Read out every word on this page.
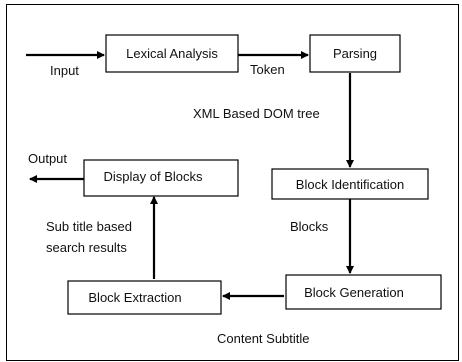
Lexical Analysis	Parsing
Block Identification
Block Generation
Block Extraction
Display of Blocks
Input	Token
XML Based DOM tree
Blocks
Content Subtitle
Sub title based
search results
Output
